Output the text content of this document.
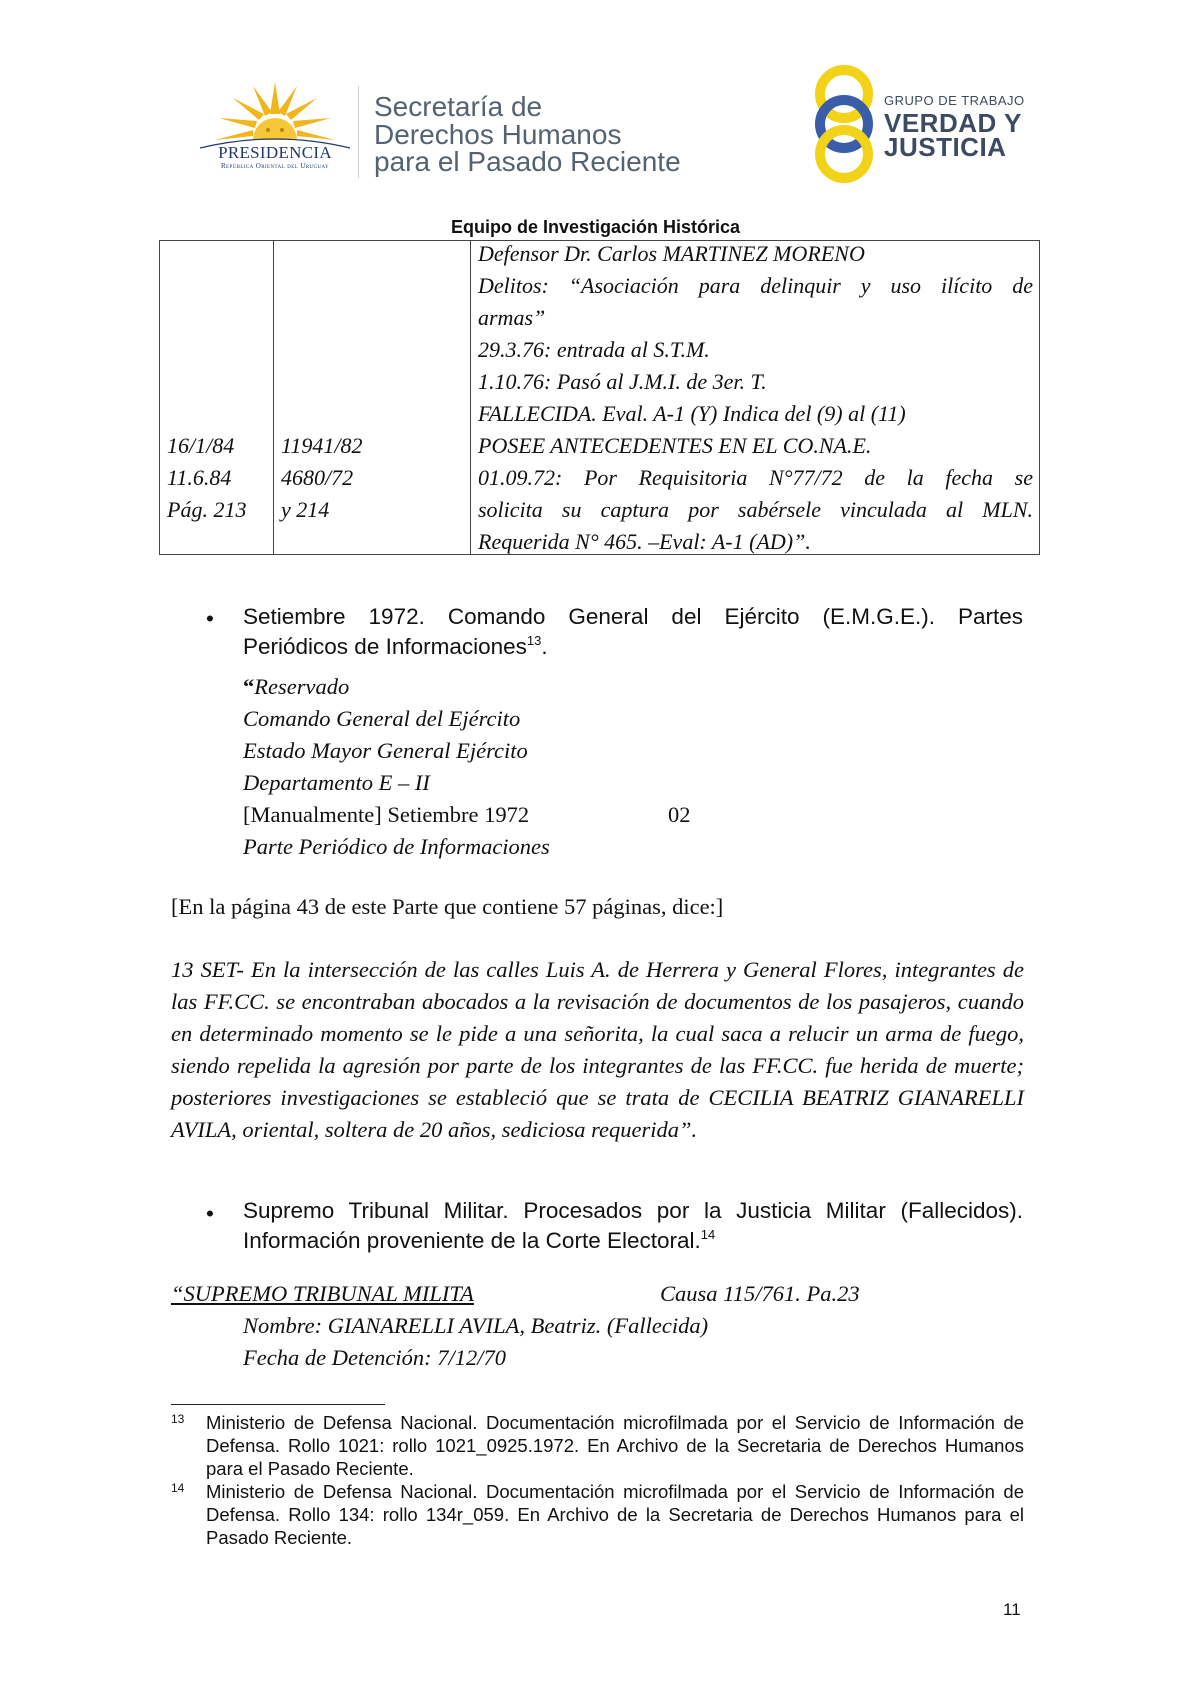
PRESIDENCIA
República Oriental del Uruguay
Secretaría de
Derechos Humanos
para el Pasado Reciente
GRUPO DE TRABAJO
VERDAD Y
JUSTICIA
Equipo de Investigación Histórica
16/1/84
11.6.84
Pág. 213
11941/82
4680/72
y 214
Defensor Dr. Carlos MARTINEZ MORENO
Delitos: “Asociación para delinquir y uso ilícito de
armas”
29.3.76: entrada al S.T.M.
1.10.76: Pasó al J.M.I. de 3er. T.
FALLECIDA. Eval. A-1 (Y) Indica del (9) al (11)
POSEE ANTECEDENTES EN EL CO.NA.E.
01.09.72: Por Requisitoria N°77/72 de la fecha se
solicita su captura por sabérsele vinculada al MLN.
Requerida N° 465. –Eval: A-1 (AD)”.
• Setiembre 1972. Comando General del Ejército (E.M.G.E.). Partes
Periódicos de Informaciones$^{13}$.
“Reservado
Comando General del Ejército
Estado Mayor General Ejército
Departamento E – II
[Manualmente] Setiembre 1972	02
Parte Periódico de Informaciones
[En la página 43 de este Parte que contiene 57 páginas, dice:]
13 SET- En la intersección de las calles Luis A. de Herrera y General Flores, integrantes de las FF.CC. se encontraban abocados a la revisación de documentos de los pasajeros, cuando en determinado momento se le pide a una señorita, la cual saca a relucir un arma de fuego, siendo repelida la agresión por parte de los integrantes de las FF.CC. fue herida de muerte; posteriores investigaciones se estableció que se trata de CECILIA BEATRIZ GIANARELLI AVILA, oriental, soltera de 20 años, sediciosa requerida”.
• Supremo Tribunal Militar. Procesados por la Justicia Militar (Fallecidos).
Información proveniente de la Corte Electoral.$^{14}$
“SUPREMO TRIBUNAL MILITA	Causa 115/761. Pa.23
Nombre: GIANARELLI AVILA, Beatriz. (Fallecida)
Fecha de Detención: 7/12/70
13 Ministerio de Defensa Nacional. Documentación microfilmada por el Servicio de Información de Defensa. Rollo 1021: rollo 1021_0925.1972. En Archivo de la Secretaria de Derechos Humanos para el Pasado Reciente.
14 Ministerio de Defensa Nacional. Documentación microfilmada por el Servicio de Información de Defensa. Rollo 134: rollo 134r_059. En Archivo de la Secretaria de Derechos Humanos para el Pasado Reciente.
11
